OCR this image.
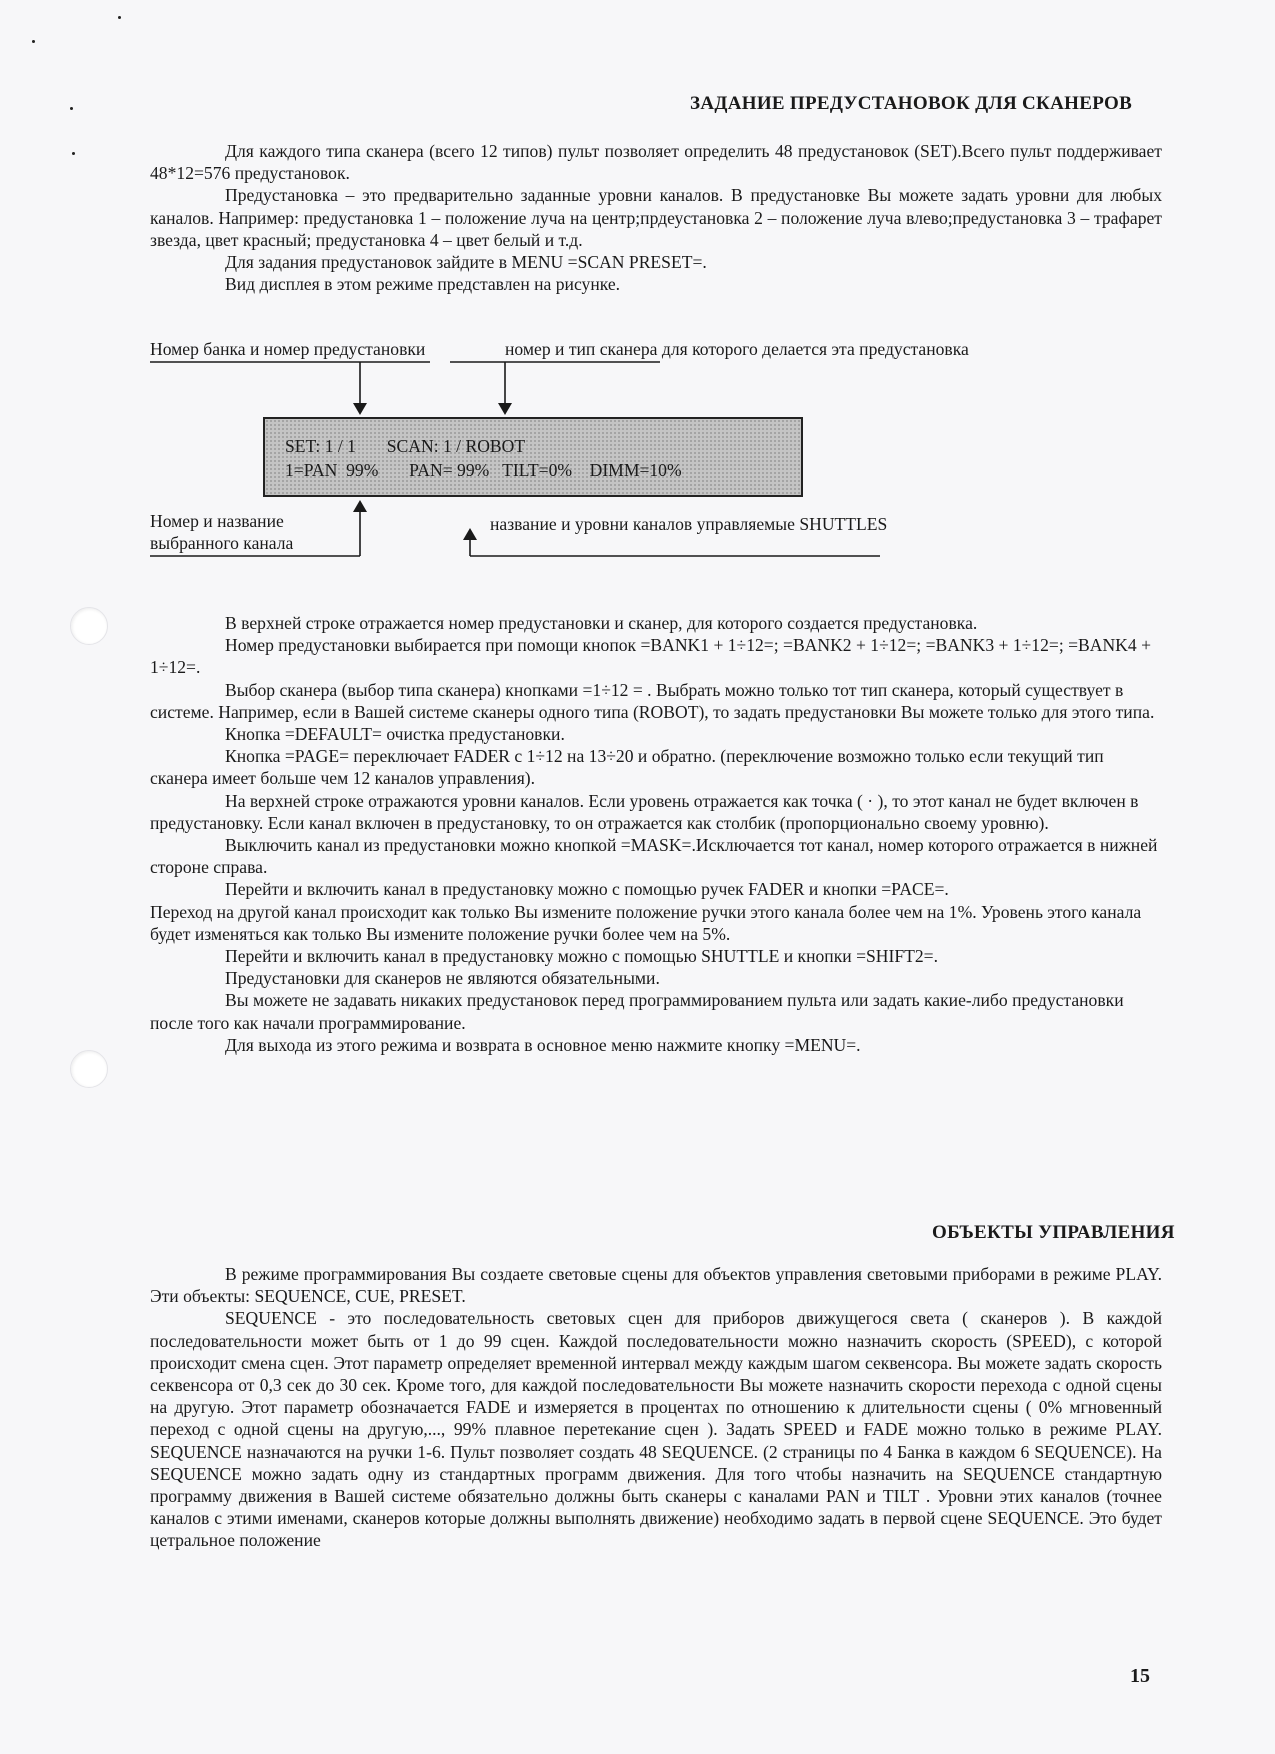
ЗАДАНИЕ ПРЕДУСТАНОВОК ДЛЯ СКАНЕРОВ

Для каждого типа сканера (всего 12 типов) пульт позволяет определить 48 предустановок (SET).Всего пульт поддерживает 48*12=576 предустановок.

Предустановка – это предварительно заданные уровни каналов. В предустановке Вы можете задать уровни для любых каналов. Например: предустановка 1 – положение луча на центр;прдеустановка 2 – положение луча влево;предустановка 3 – трафарет звезда, цвет красный; предустановка 4 – цвет белый и т.д.

Для задания предустановок зайдите в MENU =SCAN PRESET=.

Вид дисплея в этом режиме представлен на рисунке.

Номер банка и номер предустановки	номер и тип сканера для которого делается эта предустановка
SET: 1 / 1       SCAN: 1 / ROBOT
1=PAN  99%       PAN= 99%   TILT=0%    DIMM=10%
Номер и название
выбранного канала
название и уровни каналов управляемые SHUTTLES

В верхней строке отражается номер предустановки и сканер, для которого создается предустановка.

Номер предустановки выбирается при помощи кнопок =BANK1 + 1÷12=; =BANK2 + 1÷12=; =BANK3 + 1÷12=; =BANK4 + 1÷12=.

Выбор сканера (выбор типа сканера) кнопками =1÷12 = . Выбрать можно только тот тип сканера, который существует в системе. Например, если в Вашей системе сканеры одного типа (ROBOT), то задать предустановки Вы можете только для этого типа.

Кнопка =DEFAULT= очистка предустановки.

Кнопка =PAGE= переключает FADER с 1÷12 на 13÷20 и обратно. (переключение возможно только если текущий тип сканера имеет больше чем 12 каналов управления).

На верхней строке отражаются уровни каналов. Если уровень отражается как точка ( · ), то этот канал не будет включен в предустановку. Если канал включен в предустановку, то он отражается как столбик (пропорционально своему уровню).

Выключить канал из предустановки можно кнопкой =MASK=.Исключается тот канал, номер которого отражается в нижней стороне справа.

Перейти и включить канал в предустановку можно с помощью ручек FADER и кнопки =PACE=.

Переход на другой канал происходит как только Вы измените положение ручки этого канала более чем на 1%. Уровень этого канала будет изменяться как только Вы измените положение ручки более чем на 5%.

Перейти и включить канал в предустановку можно с помощью SHUTTLE и кнопки =SHIFT2=.

Предустановки для сканеров не являются обязательными.

Вы можете не задавать никаких предустановок перед программированием пульта или задать какие-либо предустановки после того как начали программирование.

Для выхода из этого режима и возврата в основное меню нажмите кнопку =MENU=.

ОБЪЕКТЫ УПРАВЛЕНИЯ

В режиме программирования Вы создаете световые сцены для объектов управления световыми приборами в режиме PLAY. Эти объекты: SEQUENCE, CUE, PRESET.

SEQUENCE - это последовательность световых сцен для приборов движущегося света ( сканеров ). В каждой последовательности может быть от 1 до 99 сцен. Каждой последовательности можно назначить скорость (SPEED), с которой происходит смена сцен. Этот параметр определяет временной интервал между каждым шагом секвенсора. Вы можете задать скорость секвенсора от 0,3 сек до 30 сек. Кроме того, для каждой последовательности Вы можете назначить скорости перехода с одной сцены на другую. Этот параметр обозначается FADE и измеряется в процентах по отношению к длительности сцены ( 0% мгновенный переход с одной сцены на другую,..., 99% плавное перетекание сцен ). Задать SPEED и FADE можно только в режиме PLAY. SEQUENCE назначаются на ручки 1-6. Пульт позволяет создать 48 SEQUENCE. (2 страницы по 4 Банка в каждом 6 SEQUENCE). На SEQUENCE можно задать одну из стандартных программ движения. Для того чтобы назначить на SEQUENCE стандартную программу движения в Вашей системе обязательно должны быть сканеры с каналами PAN и TILT . Уровни этих каналов (точнее каналов с этими именами, сканеров которые должны выполнять движение) необходимо задать в первой сцене SEQUENCE. Это будет цетральное положение

15
